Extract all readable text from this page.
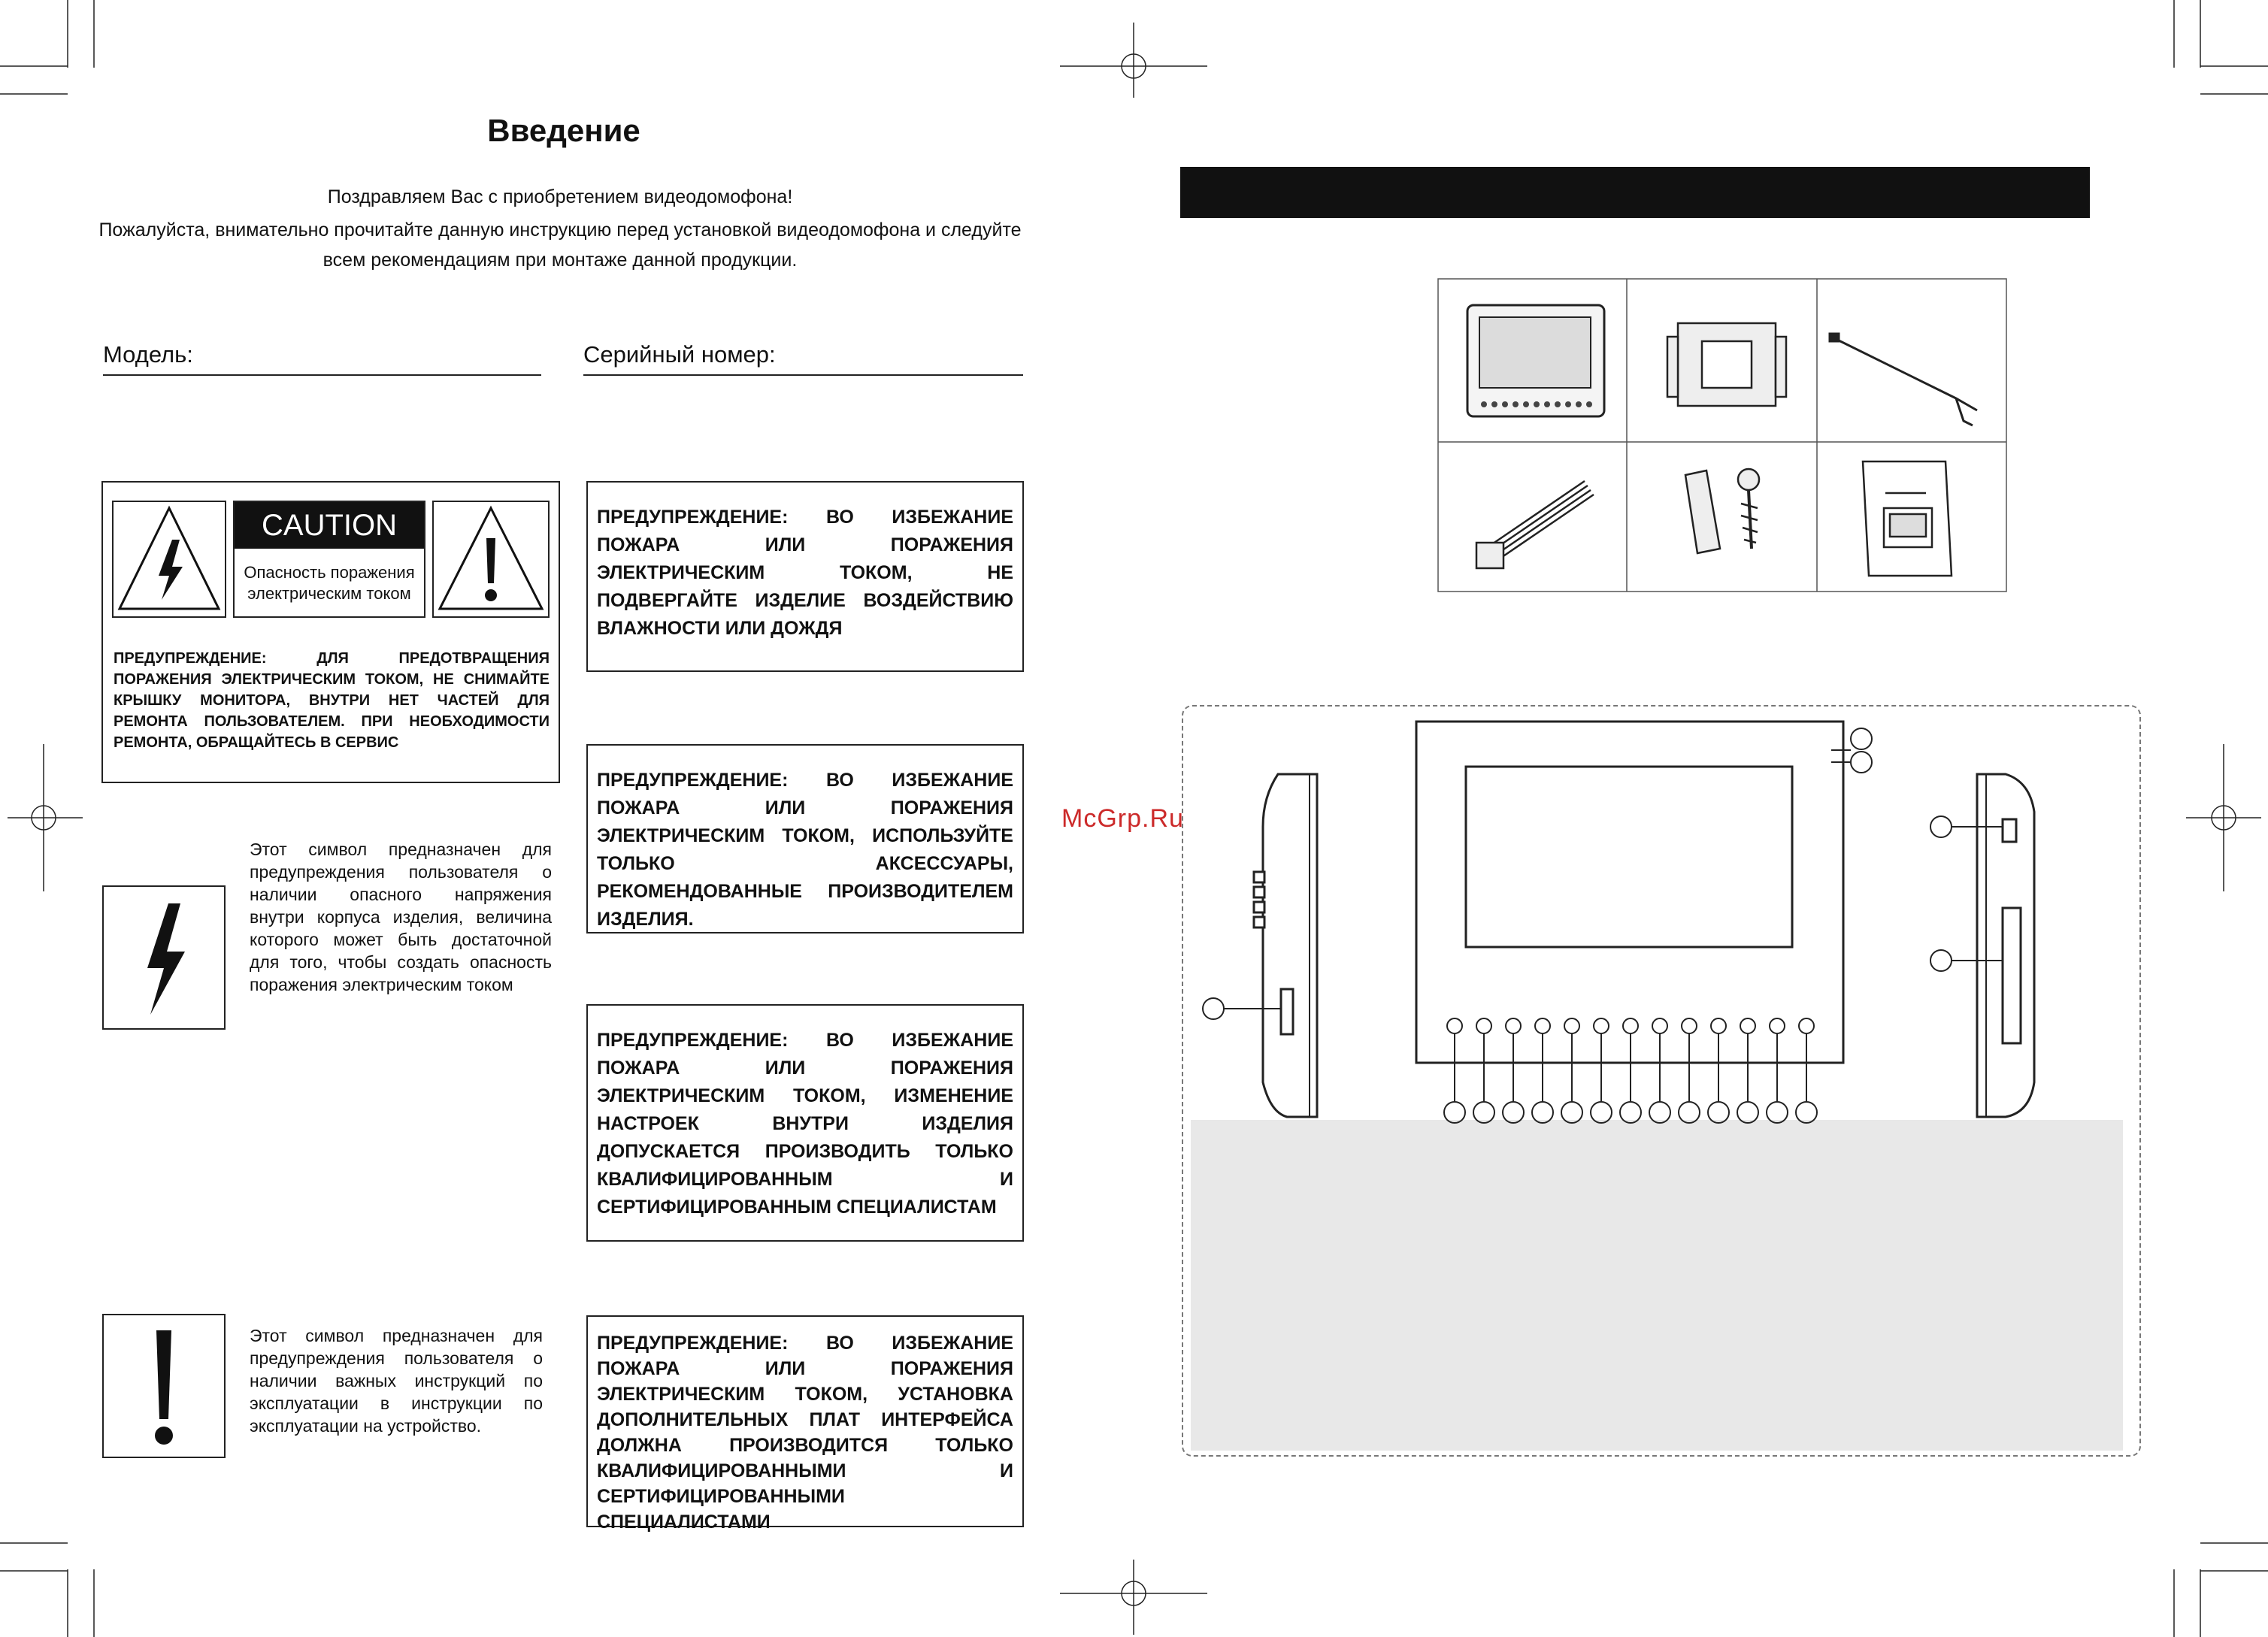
Введение
Поздравляем Вас с приобретением видеодомофона!
Пожалуйста, внимательно прочитайте данную инструкцию перед установкой видеодомофона и следуйте
всем рекомендациям при монтаже данной продукции.
Модель:	Серийный номер:
CAUTION
Опасность поражения электрическим током
ПРЕДУПРЕЖДЕНИЕ: ДЛЯ ПРЕДОТВРАЩЕНИЯ ПОРАЖЕНИЯ ЭЛЕКТРИЧЕСКИМ ТОКОМ, НЕ СНИМАЙТЕ КРЫШКУ МОНИТОРА, ВНУТРИ НЕТ ЧАСТЕЙ ДЛЯ РЕМОНТА ПОЛЬЗОВАТЕЛЕМ. ПРИ НЕОБХОДИМОСТИ РЕМОНТА, ОБРАЩАЙТЕСЬ В СЕРВИС
Этот символ предназначен для предупреждения пользователя о наличии опасного напряжения внутри корпуса изделия, величина которого может быть достаточной для того, чтобы создать опасность поражения электрическим током
Этот символ предназначен для предупреждения пользователя о наличии важных инструкций по эксплуатации в инструкции по эксплуатации на устройство.
ПРЕДУПРЕЖДЕНИЕ: ВО ИЗБЕЖАНИЕ ПОЖАРА ИЛИ ПОРАЖЕНИЯ ЭЛЕКТРИЧЕСКИМ ТОКОМ, НЕ ПОДВЕРГАЙТЕ ИЗДЕЛИЕ ВОЗДЕЙСТВИЮ ВЛАЖНОСТИ ИЛИ ДОЖДЯ
ПРЕДУПРЕЖДЕНИЕ: ВО ИЗБЕЖАНИЕ ПОЖАРА ИЛИ ПОРАЖЕНИЯ ЭЛЕКТРИЧЕСКИМ ТОКОМ, ИСПОЛЬЗУЙТЕ ТОЛЬКО АКСЕССУАРЫ, РЕКОМЕНДОВАННЫЕ ПРОИЗВОДИТЕЛЕМ ИЗДЕЛИЯ.
ПРЕДУПРЕЖДЕНИЕ: ВО ИЗБЕЖАНИЕ ПОЖАРА ИЛИ ПОРАЖЕНИЯ ЭЛЕКТРИЧЕСКИМ ТОКОМ, ИЗМЕНЕНИЕ НАСТРОЕК ВНУТРИ ИЗДЕЛИЯ ДОПУСКАЕТСЯ ПРОИЗВОДИТЬ ТОЛЬКО КВАЛИФИЦИРОВАННЫМ И СЕРТИФИЦИРОВАННЫМ СПЕЦИАЛИСТАМ
ПРЕДУПРЕЖДЕНИЕ: ВО ИЗБЕЖАНИЕ ПОЖАРА ИЛИ ПОРАЖЕНИЯ ЭЛЕКТРИЧЕСКИМ ТОКОМ, УСТАНОВКА ДОПОЛНИТЕЛЬНЫХ ПЛАТ ИНТЕРФЕЙСА ДОЛЖНА ПРОИЗВОДИТСЯ ТОЛЬКО КВАЛИФИЦИРОВАННЫМИ И СЕРТИФИЦИРОВАННЫМИ СПЕЦИАЛИСТАМИ
McGrp.Ru
